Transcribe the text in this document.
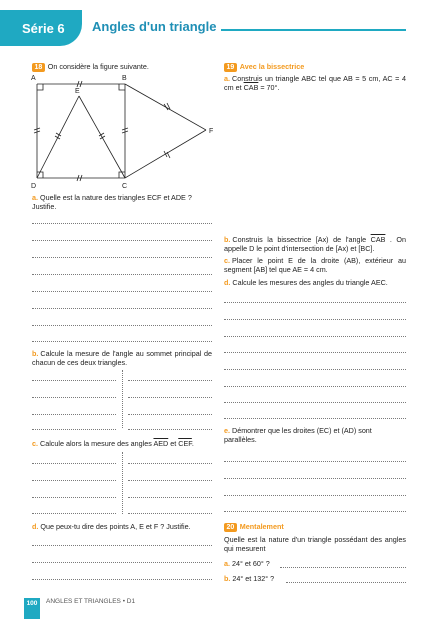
Série 6 Angles d'un triangle
18 On considère la figure suivante.
A	B
E
F
D	C
a. Quelle est la nature des triangles ECF et ADE ? Justifie.
b. Calcule la mesure de l'angle au sommet principal de chacun de ces deux triangles.
c. Calcule alors la mesure des angles $\overline{AED}$ et $\overline{CEF}$.
d. Que peux-tu dire des points A, E et F ? Justifie.
19 Avec la bissectrice
a. Construis un triangle ABC tel que AB = 5 cm, AC = 4 cm et $\overline{CAB} = 70^\circ$.
b. Construis la bissectrice [Ax) de l'angle $\overline{CAB}$ . On appelle D le point d'intersection de [Ax) et [BC].
c. Placer le point E de la droite (AB), extérieur au segment [AB] tel que AE = 4 cm.
d. Calcule les mesures des angles du triangle AEC.
e. Démontrer que les droites (EC) et (AD) sont parallèles.
20 Mentalement
Quelle est la nature d'un triangle possédant des angles qui mesurent
a. 24° et 60° ?
b. 24° et 132° ?
100	ANGLES ET TRIANGLES • D1
